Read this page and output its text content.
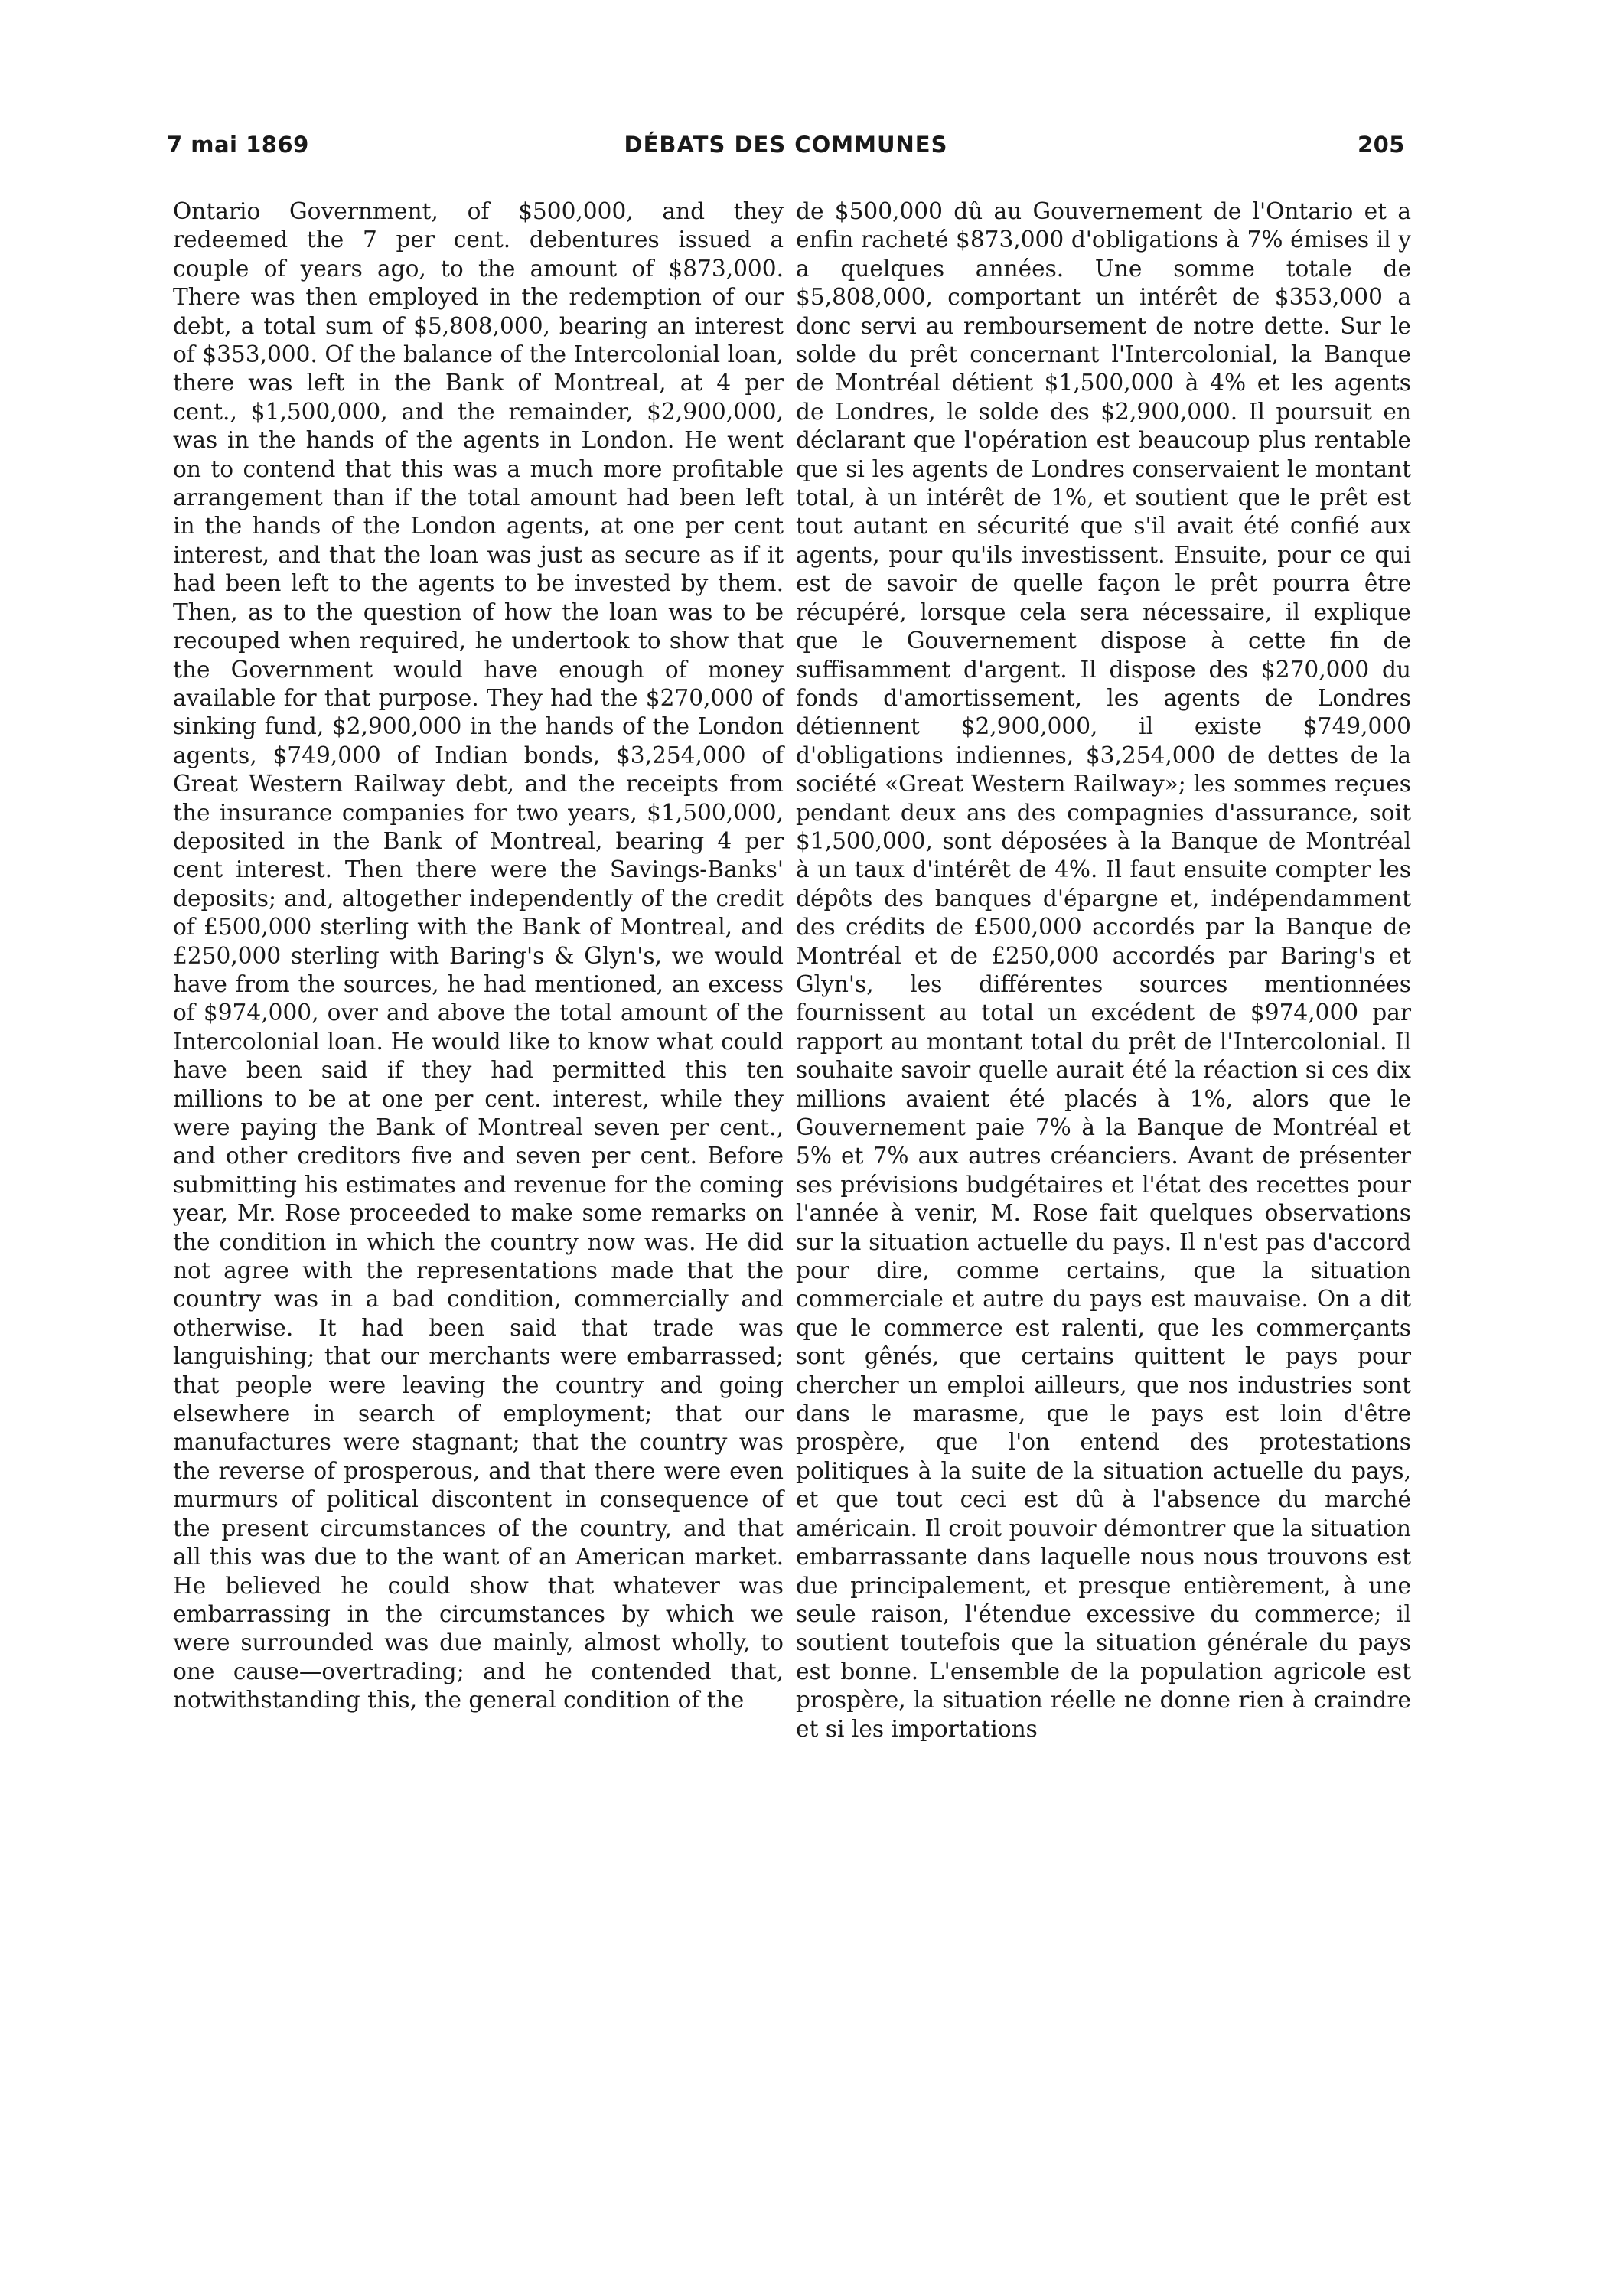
7 mai 1869	DÉBATS DES COMMUNES	205

Ontario Government, of $500,000, and they redeemed the 7 per cent. debentures issued a couple of years ago, to the amount of $873,000. There was then employed in the redemption of our debt, a total sum of $5,808,000, bearing an interest of $353,000. Of the balance of the Intercolonial loan, there was left in the Bank of Montreal, at 4 per cent., $1,500,000, and the remainder, $2,900,000, was in the hands of the agents in London. He went on to contend that this was a much more profitable arrangement than if the total amount had been left in the hands of the London agents, at one per cent interest, and that the loan was just as secure as if it had been left to the agents to be invested by them. Then, as to the question of how the loan was to be recouped when required, he undertook to show that the Government would have enough of money available for that purpose. They had the $270,000 of sinking fund, $2,900,000 in the hands of the London agents, $749,000 of Indian bonds, $3,254,000 of Great Western Railway debt, and the receipts from the insurance companies for two years, $1,500,000, deposited in the Bank of Montreal, bearing 4 per cent interest. Then there were the Savings-Banks' deposits; and, altogether independently of the credit of £500,000 sterling with the Bank of Montreal, and £250,000 sterling with Baring's & Glyn's, we would have from the sources, he had mentioned, an excess of $974,000, over and above the total amount of the Intercolonial loan. He would like to know what could have been said if they had permitted this ten millions to be at one per cent. interest, while they were paying the Bank of Montreal seven per cent., and other creditors five and seven per cent. Before submitting his estimates and revenue for the coming year, Mr. Rose proceeded to make some remarks on the condition in which the country now was. He did not agree with the representations made that the country was in a bad condition, commercially and otherwise. It had been said that trade was languishing; that our merchants were embarrassed; that people were leaving the country and going elsewhere in search of employment; that our manufactures were stagnant; that the country was the reverse of prosperous, and that there were even murmurs of political discontent in consequence of the present circumstances of the country, and that all this was due to the want of an American market. He believed he could show that whatever was embarrassing in the circumstances by which we were surrounded was due mainly, almost wholly, to one cause—overtrading; and he contended that, notwithstanding this, the general condition of the

de $500,000 dû au Gouvernement de l'Ontario et a enfin racheté $873,000 d'obligations à 7% émises il y a quelques années. Une somme totale de $5,808,000, comportant un intérêt de $353,000 a donc servi au remboursement de notre dette. Sur le solde du prêt concernant l'Intercolonial, la Banque de Montréal détient $1,500,000 à 4% et les agents de Londres, le solde des $2,900,000. Il poursuit en déclarant que l'opération est beaucoup plus rentable que si les agents de Londres conservaient le montant total, à un intérêt de 1%, et soutient que le prêt est tout autant en sécurité que s'il avait été confié aux agents, pour qu'ils investissent. Ensuite, pour ce qui est de savoir de quelle façon le prêt pourra être récupéré, lorsque cela sera nécessaire, il explique que le Gouvernement dispose à cette fin de suffisamment d'argent. Il dispose des $270,000 du fonds d'amortissement, les agents de Londres détiennent $2,900,000, il existe $749,000 d'obligations indiennes, $3,254,000 de dettes de la société «Great Western Railway»; les sommes reçues pendant deux ans des compagnies d'assurance, soit $1,500,000, sont déposées à la Banque de Montréal à un taux d'intérêt de 4%. Il faut ensuite compter les dépôts des banques d'épargne et, indépendamment des crédits de £500,000 accordés par la Banque de Montréal et de £250,000 accordés par Baring's et Glyn's, les différentes sources mentionnées fournissent au total un excédent de $974,000 par rapport au montant total du prêt de l'Intercolonial. Il souhaite savoir quelle aurait été la réaction si ces dix millions avaient été placés à 1%, alors que le Gouvernement paie 7% à la Banque de Montréal et 5% et 7% aux autres créanciers. Avant de présenter ses prévisions budgétaires et l'état des recettes pour l'année à venir, M. Rose fait quelques observations sur la situation actuelle du pays. Il n'est pas d'accord pour dire, comme certains, que la situation commerciale et autre du pays est mauvaise. On a dit que le commerce est ralenti, que les commerçants sont gênés, que certains quittent le pays pour chercher un emploi ailleurs, que nos industries sont dans le marasme, que le pays est loin d'être prospère, que l'on entend des protestations politiques à la suite de la situation actuelle du pays, et que tout ceci est dû à l'absence du marché américain. Il croit pouvoir démontrer que la situation embarrassante dans laquelle nous nous trouvons est due principalement, et presque entièrement, à une seule raison, l'étendue excessive du commerce; il soutient toutefois que la situation générale du pays est bonne. L'ensemble de la population agricole est prospère, la situation réelle ne donne rien à craindre et si les importations
